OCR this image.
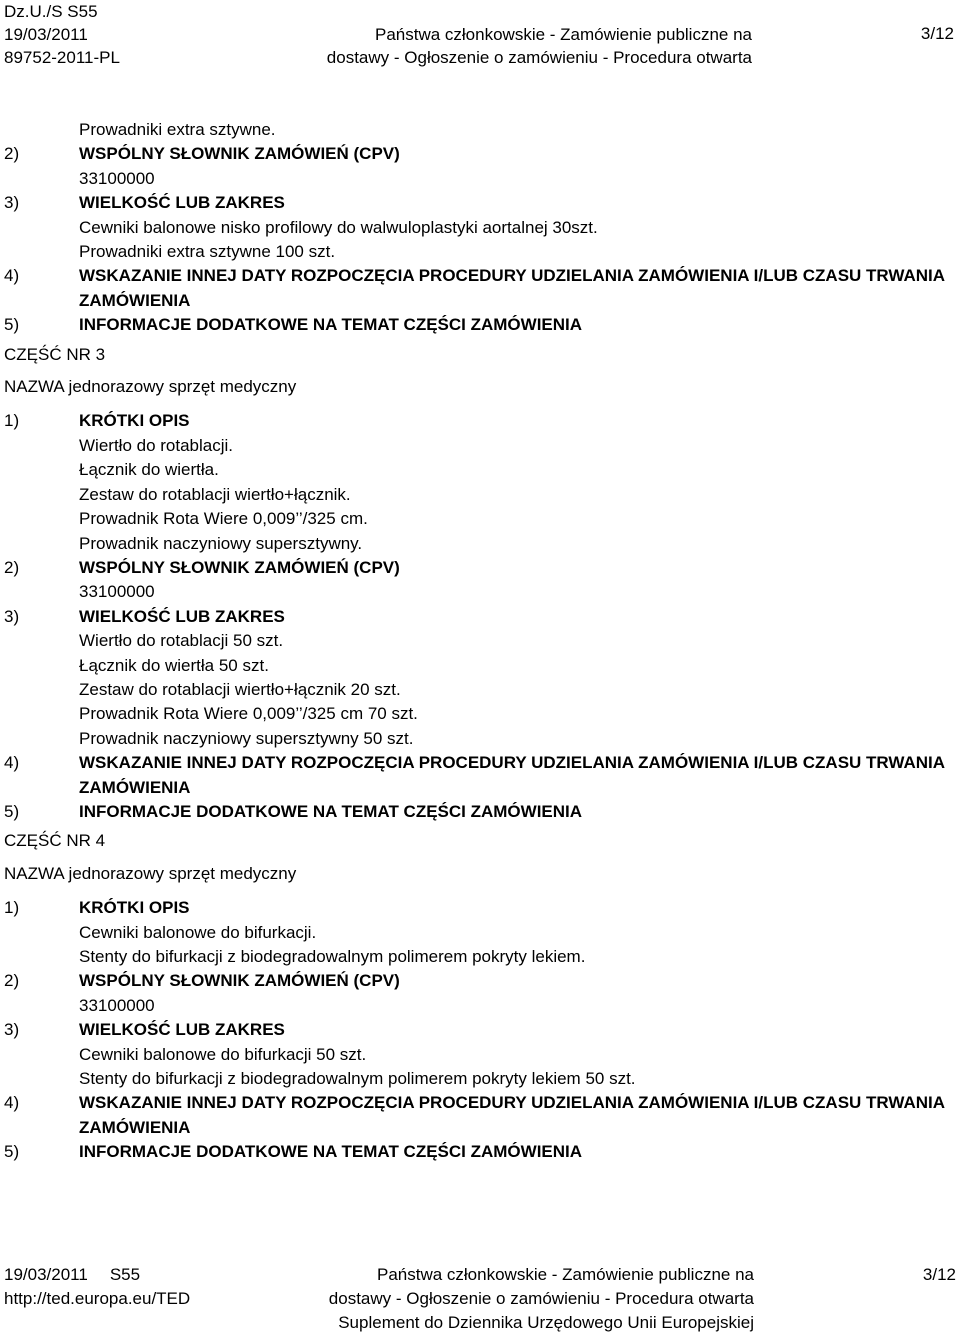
Dz.U./S S55
19/03/2011
89752-2011-PL
Państwa członkowskie - Zamówienie publiczne na
dostawy - Ogłoszenie o zamówieniu - Procedura otwarta
3/12
Prowadniki extra sztywne.
2)	WSPÓLNY SŁOWNIK ZAMÓWIEŃ (CPV)
33100000
3)	WIELKOŚĆ LUB ZAKRES
Cewniki balonowe nisko profilowy do walwuloplastyki aortalnej 30szt.
Prowadniki extra sztywne 100 szt.
4)	WSKAZANIE INNEJ DATY ROZPOCZĘCIA PROCEDURY UDZIELANIA ZAMÓWIENIA I/LUB CZASU TRWANIA ZAMÓWIENIA
5)	INFORMACJE DODATKOWE NA TEMAT CZĘŚCI ZAMÓWIENIA
CZĘŚĆ NR 3
NAZWA jednorazowy sprzęt medyczny
1)	KRÓTKI OPIS
Wiertło do rotablacji.
Łącznik do wiertła.
Zestaw do rotablacji wiertło+łącznik.
Prowadnik Rota Wiere 0,009’’/325 cm.
Prowadnik naczyniowy supersztywny.
2)	WSPÓLNY SŁOWNIK ZAMÓWIEŃ (CPV)
33100000
3)	WIELKOŚĆ LUB ZAKRES
Wiertło do rotablacji 50 szt.
Łącznik do wiertła 50 szt.
Zestaw do rotablacji wiertło+łącznik 20 szt.
Prowadnik Rota Wiere 0,009’’/325 cm 70 szt.
Prowadnik naczyniowy supersztywny 50 szt.
4)	WSKAZANIE INNEJ DATY ROZPOCZĘCIA PROCEDURY UDZIELANIA ZAMÓWIENIA I/LUB CZASU TRWANIA ZAMÓWIENIA
5)	INFORMACJE DODATKOWE NA TEMAT CZĘŚCI ZAMÓWIENIA
CZĘŚĆ NR 4
NAZWA jednorazowy sprzęt medyczny
1)	KRÓTKI OPIS
Cewniki balonowe do bifurkacji.
Stenty do bifurkacji z biodegradowalnym polimerem pokryty lekiem.
2)	WSPÓLNY SŁOWNIK ZAMÓWIEŃ (CPV)
33100000
3)	WIELKOŚĆ LUB ZAKRES
Cewniki balonowe do bifurkacji 50 szt.
Stenty do bifurkacji z biodegradowalnym polimerem pokryty lekiem 50 szt.
4)	WSKAZANIE INNEJ DATY ROZPOCZĘCIA PROCEDURY UDZIELANIA ZAMÓWIENIA I/LUB CZASU TRWANIA ZAMÓWIENIA
5)	INFORMACJE DODATKOWE NA TEMAT CZĘŚCI ZAMÓWIENIA
19/03/2011 S55
http://ted.europa.eu/TED
Państwa członkowskie - Zamówienie publiczne na
dostawy - Ogłoszenie o zamówieniu - Procedura otwarta
Suplement do Dziennika Urzędowego Unii Europejskiej
3/12
